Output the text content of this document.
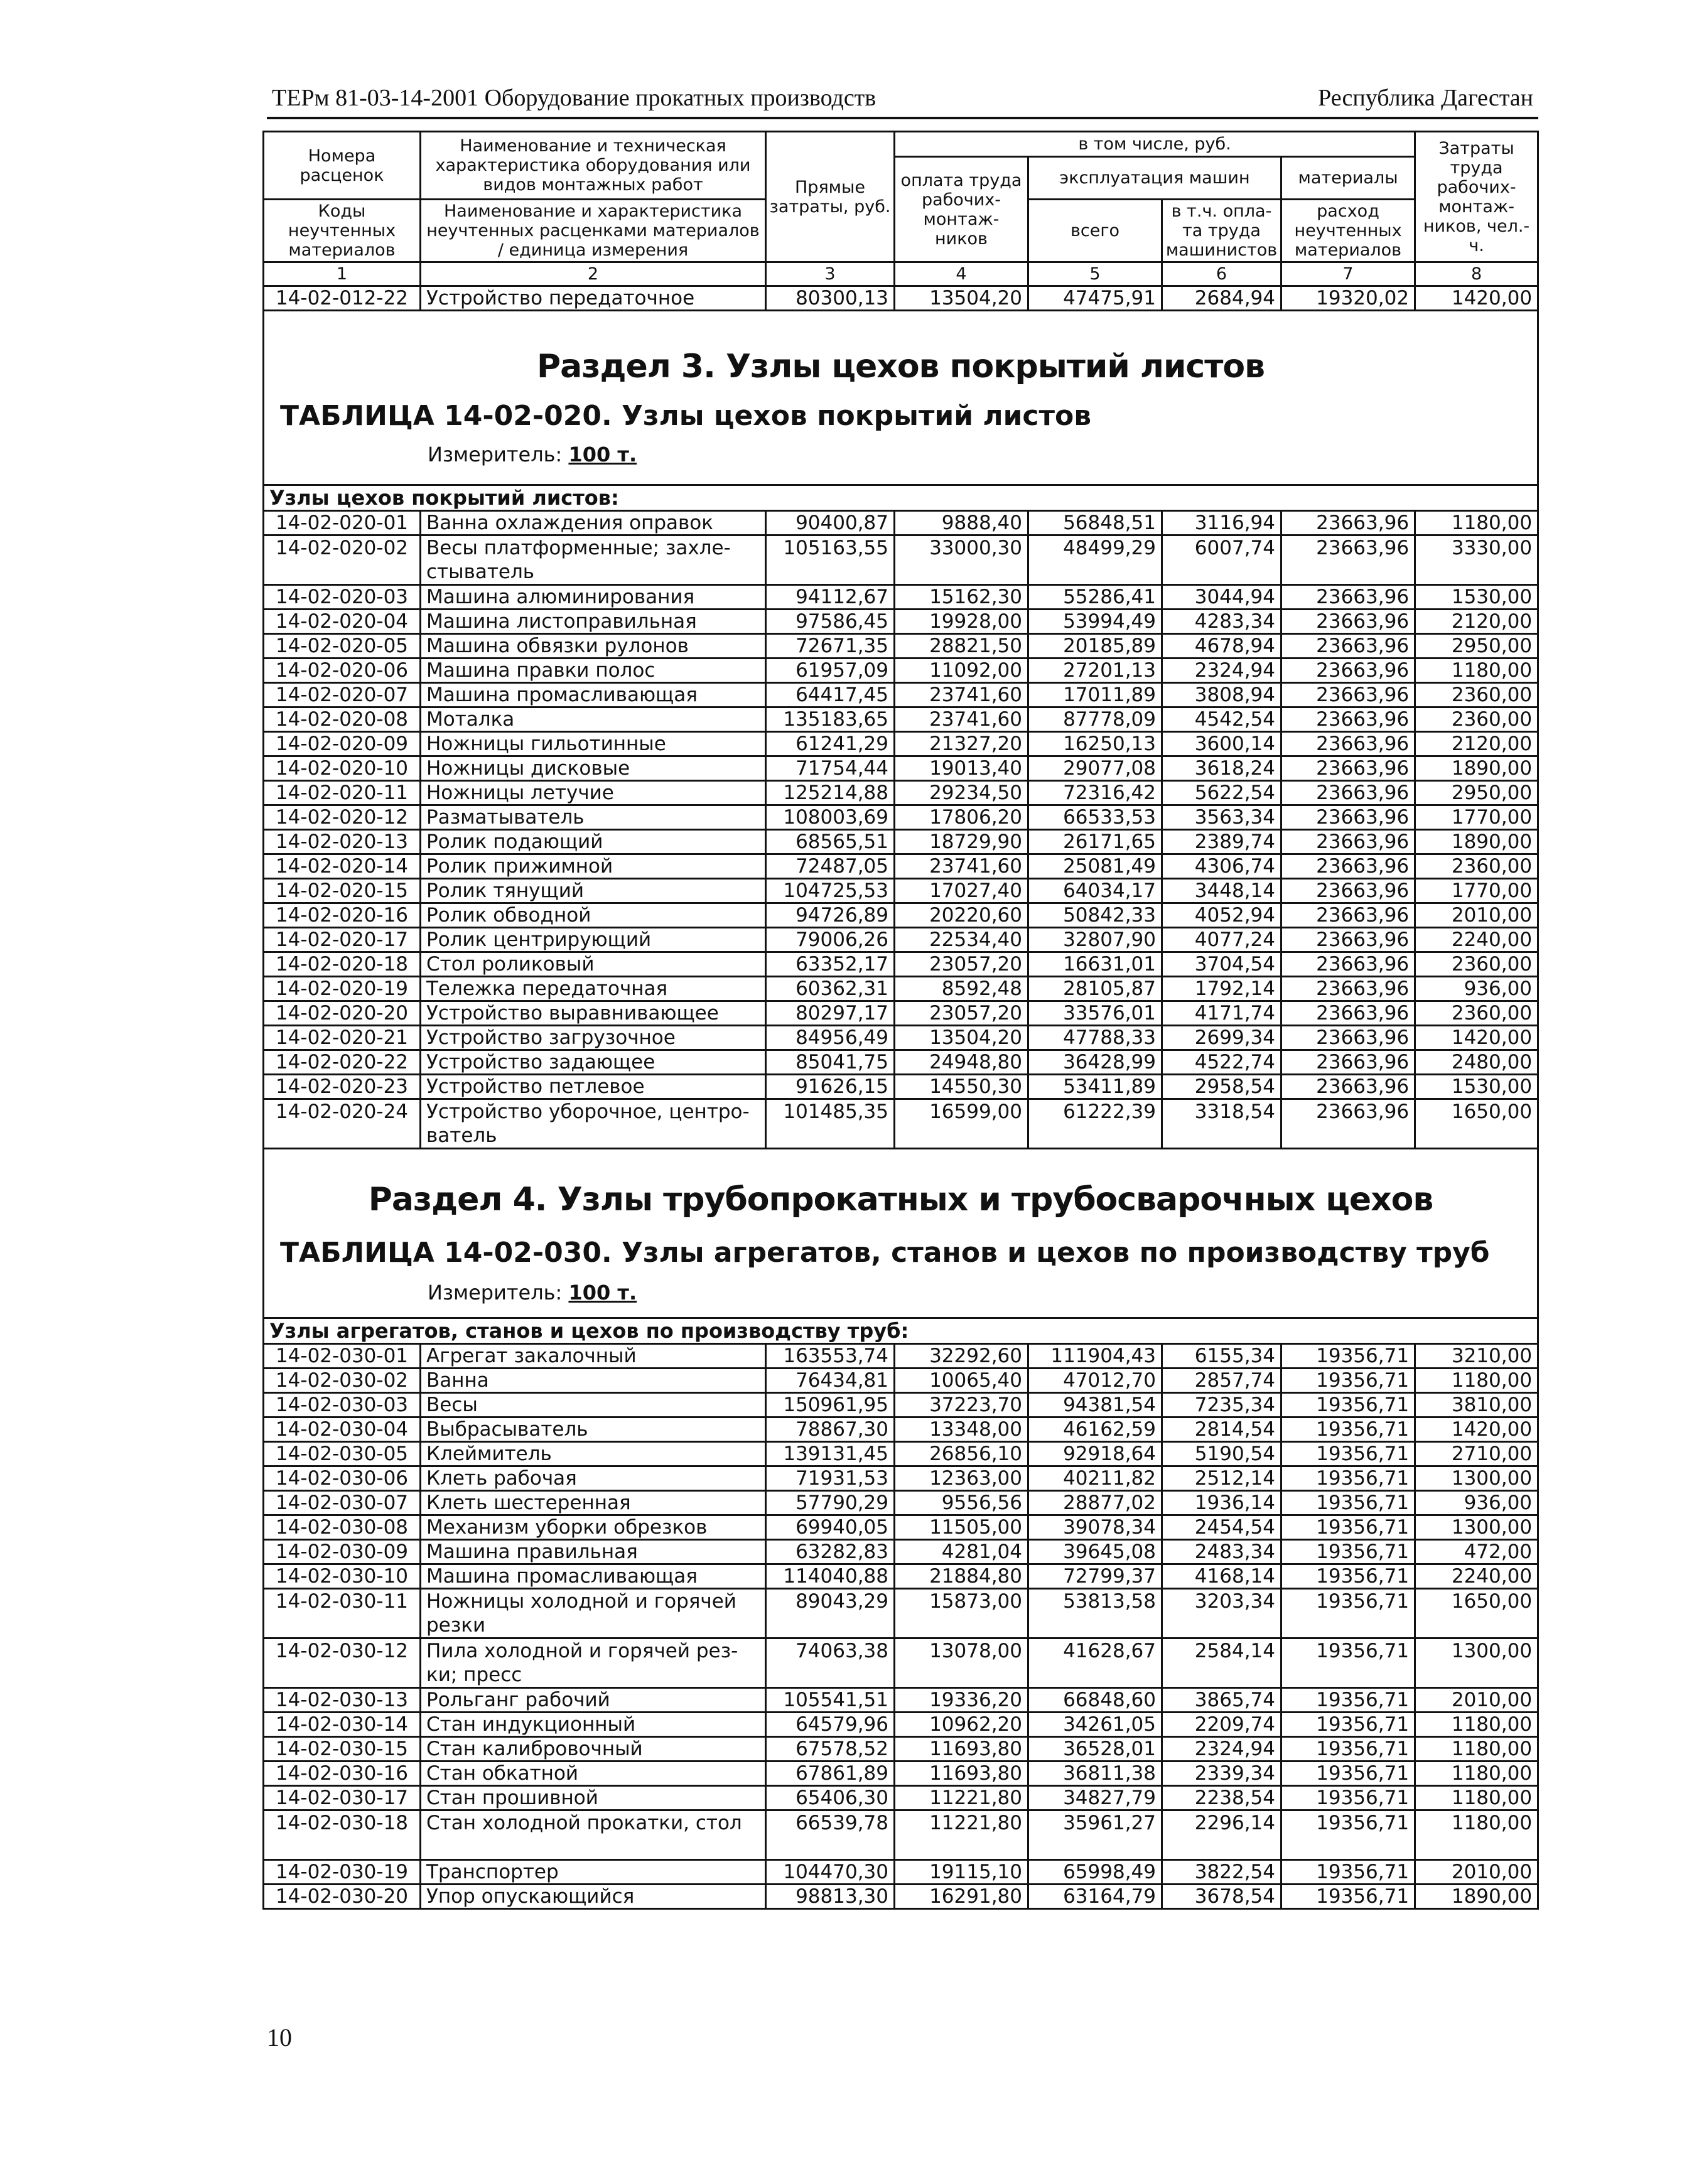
ТЕРм 81-03-14-2001 Оборудование прокатных производств	Республика Дагестан
Номера расценок	Наименование и техническая характеристика оборудования или видов монтажных работ	Прямые затраты, руб.	в том числе, руб.				Затраты труда рабочих-монтаж-ников, чел.-ч.
			оплата труда рабочих-монтаж-ников	эксплуатация машин		материалы	

Коды неучтенных материалов	Наименование и характеристика неучтенных расценками материалов / единица измерения			всего	в т.ч. опла-та труда машинистов	расход неучтенных материалов	

1	2	3	4	5	6	7	8
14-02-012-22	Устройство передаточное	80300,13	13504,20	47475,91	2684,94	19320,02	1420,00

Раздел 3. Узлы цехов покрытий листов
ТАБЛИЦА 14-02-020. Узлы цехов покрытий листов
Измеритель: 100 т.							

Узлы цехов покрытий листов:							
14-02-020-01	Ванна охлаждения оправок	90400,87	9888,40	56848,51	3116,94	23663,96	1180,00
14-02-020-02	Весы платформенные; захле-стыватель	105163,55	33000,30	48499,29	6007,74	23663,96	3330,00
14-02-020-03	Машина алюминирования	94112,67	15162,30	55286,41	3044,94	23663,96	1530,00
14-02-020-04	Машина листоправильная	97586,45	19928,00	53994,49	4283,34	23663,96	2120,00
14-02-020-05	Машина обвязки рулонов	72671,35	28821,50	20185,89	4678,94	23663,96	2950,00
14-02-020-06	Машина правки полос	61957,09	11092,00	27201,13	2324,94	23663,96	1180,00
14-02-020-07	Машина промасливающая	64417,45	23741,60	17011,89	3808,94	23663,96	2360,00
14-02-020-08	Моталка	135183,65	23741,60	87778,09	4542,54	23663,96	2360,00
14-02-020-09	Ножницы гильотинные	61241,29	21327,20	16250,13	3600,14	23663,96	2120,00
14-02-020-10	Ножницы дисковые	71754,44	19013,40	29077,08	3618,24	23663,96	1890,00
14-02-020-11	Ножницы летучие	125214,88	29234,50	72316,42	5622,54	23663,96	2950,00
14-02-020-12	Разматыватель	108003,69	17806,20	66533,53	3563,34	23663,96	1770,00
14-02-020-13	Ролик подающий	68565,51	18729,90	26171,65	2389,74	23663,96	1890,00
14-02-020-14	Ролик прижимной	72487,05	23741,60	25081,49	4306,74	23663,96	2360,00
14-02-020-15	Ролик тянущий	104725,53	17027,40	64034,17	3448,14	23663,96	1770,00
14-02-020-16	Ролик обводной	94726,89	20220,60	50842,33	4052,94	23663,96	2010,00
14-02-020-17	Ролик центрирующий	79006,26	22534,40	32807,90	4077,24	23663,96	2240,00
14-02-020-18	Стол роликовый	63352,17	23057,20	16631,01	3704,54	23663,96	2360,00
14-02-020-19	Тележка передаточная	60362,31	8592,48	28105,87	1792,14	23663,96	936,00
14-02-020-20	Устройство выравнивающее	80297,17	23057,20	33576,01	4171,74	23663,96	2360,00
14-02-020-21	Устройство загрузочное	84956,49	13504,20	47788,33	2699,34	23663,96	1420,00
14-02-020-22	Устройство задающее	85041,75	24948,80	36428,99	4522,74	23663,96	2480,00
14-02-020-23	Устройство петлевое	91626,15	14550,30	53411,89	2958,54	23663,96	1530,00
14-02-020-24	Устройство уборочное, центро-ватель	101485,35	16599,00	61222,39	3318,54	23663,96	1650,00

Раздел 4. Узлы трубопрокатных и трубосварочных цехов
ТАБЛИЦА 14-02-030. Узлы агрегатов, станов и цехов по производству труб
Измеритель: 100 т.							

Узлы агрегатов, станов и цехов по производству труб:							
14-02-030-01	Агрегат закалочный	163553,74	32292,60	111904,43	6155,34	19356,71	3210,00
14-02-030-02	Ванна	76434,81	10065,40	47012,70	2857,74	19356,71	1180,00
14-02-030-03	Весы	150961,95	37223,70	94381,54	7235,34	19356,71	3810,00
14-02-030-04	Выбрасыватель	78867,30	13348,00	46162,59	2814,54	19356,71	1420,00
14-02-030-05	Клеймитель	139131,45	26856,10	92918,64	5190,54	19356,71	2710,00
14-02-030-06	Клеть рабочая	71931,53	12363,00	40211,82	2512,14	19356,71	1300,00
14-02-030-07	Клеть шестеренная	57790,29	9556,56	28877,02	1936,14	19356,71	936,00
14-02-030-08	Механизм уборки обрезков	69940,05	11505,00	39078,34	2454,54	19356,71	1300,00
14-02-030-09	Машина правильная	63282,83	4281,04	39645,08	2483,34	19356,71	472,00
14-02-030-10	Машина промасливающая	114040,88	21884,80	72799,37	4168,14	19356,71	2240,00
14-02-030-11	Ножницы холодной и горячей резки	89043,29	15873,00	53813,58	3203,34	19356,71	1650,00
14-02-030-12	Пила холодной и горячей рез-ки; пресс	74063,38	13078,00	41628,67	2584,14	19356,71	1300,00
14-02-030-13	Рольганг рабочий	105541,51	19336,20	66848,60	3865,74	19356,71	2010,00
14-02-030-14	Стан индукционный	64579,96	10962,20	34261,05	2209,74	19356,71	1180,00
14-02-030-15	Стан калибровочный	67578,52	11693,80	36528,01	2324,94	19356,71	1180,00
14-02-030-16	Стан обкатной	67861,89	11693,80	36811,38	2339,34	19356,71	1180,00
14-02-030-17	Стан прошивной	65406,30	11221,80	34827,79	2238,54	19356,71	1180,00
14-02-030-18	Стан холодной прокатки, стол	66539,78	11221,80	35961,27	2296,14	19356,71	1180,00
14-02-030-19	Транспортер	104470,30	19115,10	65998,49	3822,54	19356,71	2010,00
14-02-030-20	Упор опускающийся	98813,30	16291,80	63164,79	3678,54	19356,71	1890,00
10
